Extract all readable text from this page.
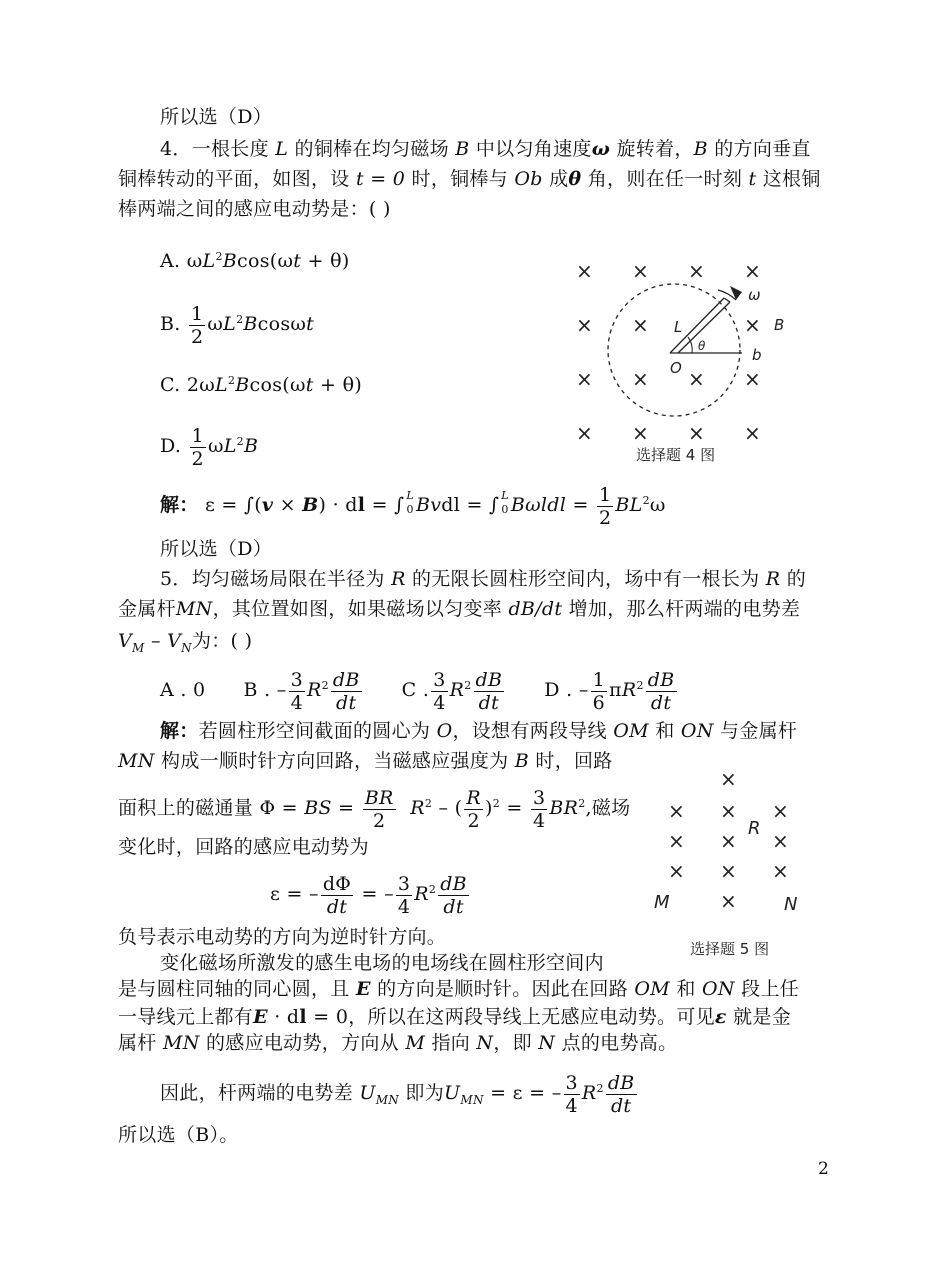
所以选（D）
4．一根长度 L 的铜棒在均匀磁场 B 中以匀角速度ω 旋转着，B 的方向垂直
铜棒转动的平面，如图，设 t = 0 时，铜棒与 Ob 成θ 角，则在任一时刻 t 这根铜
棒两端之间的感应电动势是：( )
A. $\omega L^2Bcos(\omega t + \theta)$
B. $\frac{1}{2} \omega L^2Bcos\omega t$
C. $2\omega L^2Bcos(\omega t + \theta)$
D. $\frac{1}{2} \omega L^2B$
× × × ×
× ×	×
× × × ×
× × × ×
L
θ
O
b
B
ω
选择题 4 图
解： ε = ∫(v × B) · dl = ∫ L
0 Bvdl = ∫ L
0 $B\omega ldl = \frac{1}{2} BL^2\omega$
所以选（D）
5．均匀磁场局限在半径为 R 的无限长圆柱形空间内，场中有一根长为 R 的
金属杆MN，其位置如图，如果磁场以匀变率 dB/dt 增加，那么杆两端的电势差
$V_M - V_N$为：( )
A . 0 B . – $\frac{3}{4} R^2 \frac{dB}{dt}$ C . $\frac{3}{4} R^2 \frac{dB}{dt}$ D . – $\frac{1}{6} \pi R^2 \frac{dB}{dt}$
解：若圆柱形空间截面的圆心为 O，设想有两段导线 OM 和 ON 与金属杆
MN 构成一顺时针方向回路，当磁感应强度为 B 时，回路
面积上的磁通量 Φ = BS = $\frac{BR}{2} R^2$ – ( $\frac{R}{2} )^2 = \frac{3}{4} BR^2$,磁场
变化时，回路的感应电动势为
ε = – $\frac{d\Phi}{dt}$ = – $\frac{3}{4} R^2 \frac{dB}{dt}$
负号表示电动势的方向为逆时针方向。
变化磁场所激发的感生电场的电场线在圆柱形空间内
是与圆柱同轴的同心圆，且 E 的方向是顺时针。因此在回路 OM 和 ON 段上任
一导线元上都有E · dl = 0，所以在这两段导线上无感应电动势。可见ε 就是金
属杆 MN 的感应电动势，方向从 M 指向 N，即 N 点的电势高。
因此，杆两端的电势差 $U_{MN}$ 即为$U_{MN} = \varepsilon$ = – $\frac{3}{4} R^2 \frac{dB}{dt}$
所以选（B）。
×
× × ×
× × ×
× × ×
×
R
M	N
选择题 5 图
2
